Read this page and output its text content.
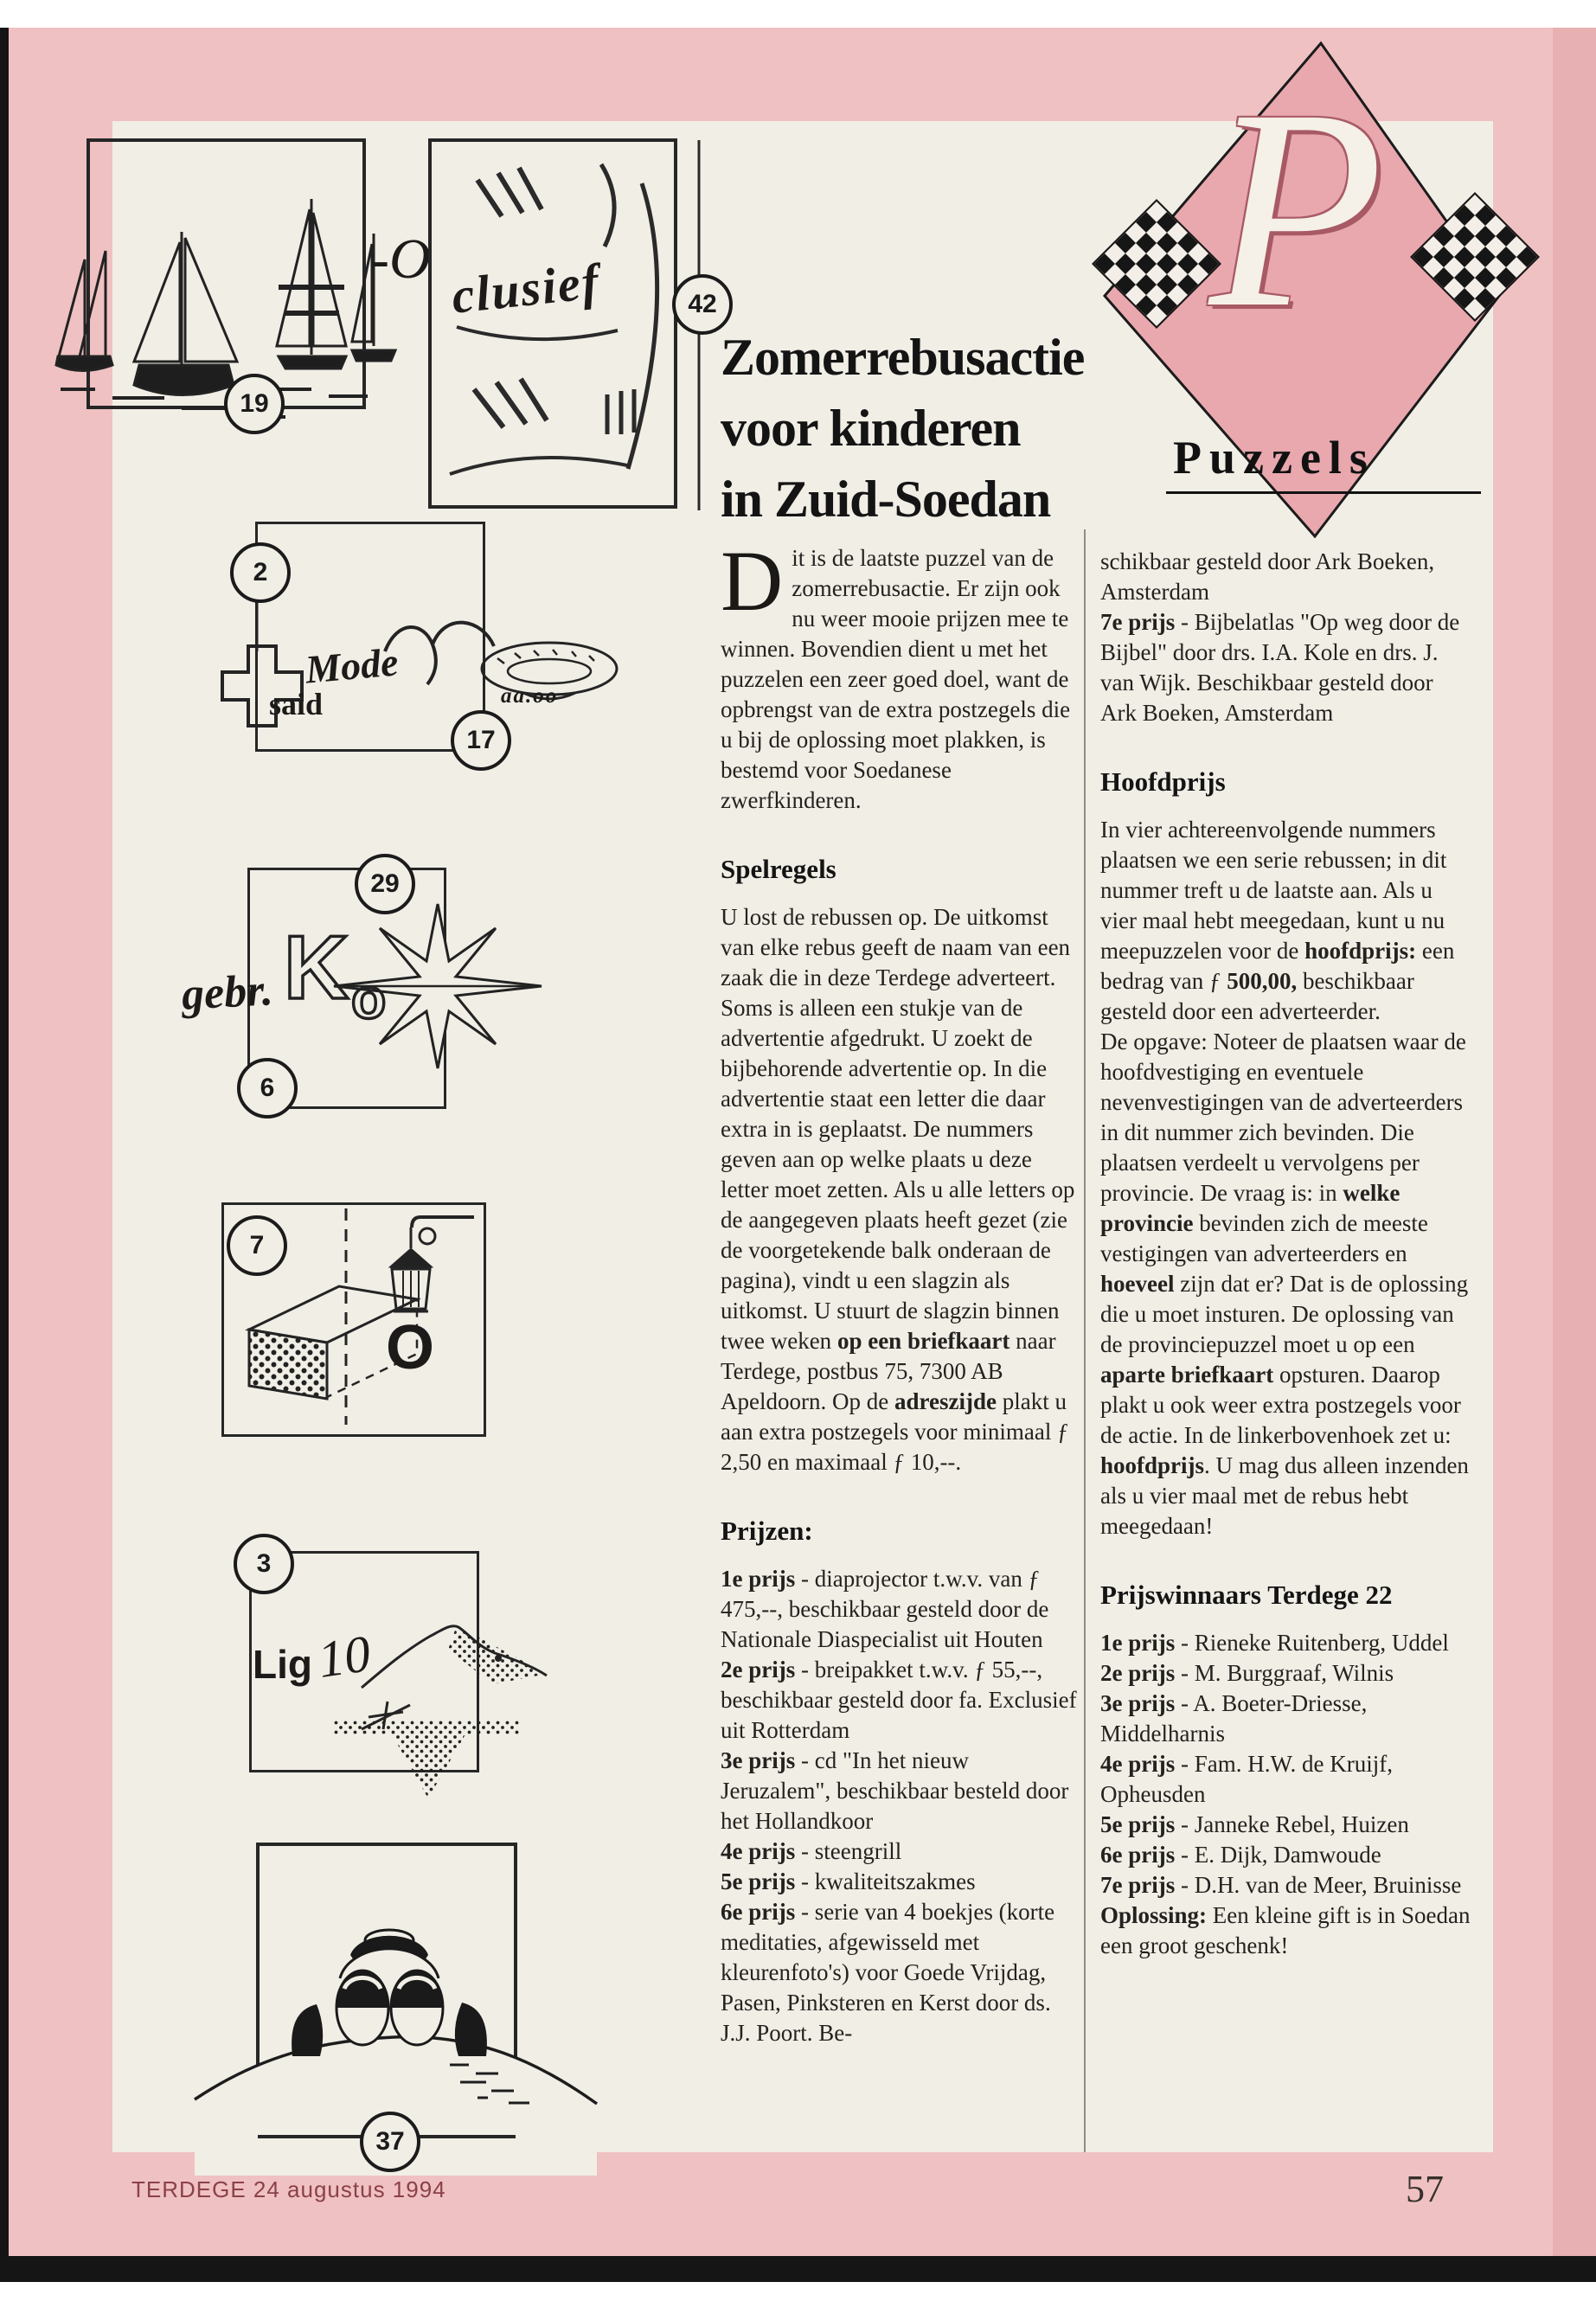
P
Puzzels
Zomerrebusactie
voor kinderen
in Zuid-Soedan
-O
19
clusief	42
2
said
Mode
aa.oo
17
29
gebr. K o
6
7
O
3
Lig 10
37

Dit is de laatste puzzel van de zomerrebusactie. Er zijn ook nu weer mooie prijzen mee te winnen. Bovendien dient u met het puzzelen een zeer goed doel, want de opbrengst van de extra postzegels die u bij de oplossing moet plakken, is bestemd voor Soedanese zwerfkinderen.

Spelregels

U lost de rebussen op. De uitkomst van elke rebus geeft de naam van een zaak die in deze Terdege adverteert. Soms is alleen een stukje van de advertentie afgedrukt. U zoekt de bijbehorende advertentie op. In die advertentie staat een letter die daar extra in is geplaatst. De nummers geven aan op welke plaats u deze letter moet zetten. Als u alle letters op de aangegeven plaats heeft gezet (zie de voorgetekende balk onderaan de pagina), vindt u een slagzin als uitkomst. U stuurt de slagzin binnen twee weken op een briefkaart naar Terdege, postbus 75, 7300 AB Apeldoorn. Op de adreszijde plakt u aan extra postzegels voor minimaal ƒ 2,50 en maximaal ƒ 10,--.

Prijzen:

1e prijs - diaprojector t.w.v. van ƒ 475,--, beschikbaar gesteld door de Nationale Diaspecialist uit Houten

2e prijs - breipakket t.w.v. ƒ 55,--, beschikbaar gesteld door fa. Exclusief uit Rotterdam

3e prijs - cd "In het nieuw Jeruzalem", beschikbaar besteld door het Hollandkoor

4e prijs - steengrill

5e prijs - kwaliteitszakmes

6e prijs - serie van 4 boekjes (korte meditaties, afgewisseld met kleurenfoto's) voor Goede Vrijdag, Pasen, Pinksteren en Kerst door ds. J.J. Poort. Be-

schikbaar gesteld door Ark Boeken, Amsterdam

7e prijs - Bijbelatlas "Op weg door de Bijbel" door drs. I.A. Kole en drs. J. van Wijk. Beschikbaar gesteld door Ark Boeken, Amsterdam

Hoofdprijs

In vier achtereenvolgende nummers plaatsen we een serie rebussen; in dit nummer treft u de laatste aan. Als u vier maal hebt meegedaan, kunt u nu meepuzzelen voor de hoofdprijs: een bedrag van ƒ 500,00, beschikbaar gesteld door een adverteerder.

De opgave: Noteer de plaatsen waar de hoofdvestiging en eventuele nevenvestigingen van de adverteerders in dit nummer zich bevinden. Die plaatsen verdeelt u vervolgens per provincie. De vraag is: in welke provincie bevinden zich de meeste vestigingen van adverteerders en hoeveel zijn dat er? Dat is de oplossing die u moet insturen. De oplossing van de provinciepuzzel moet u op een aparte briefkaart opsturen. Daarop plakt u ook weer extra postzegels voor de actie. In de linkerbovenhoek zet u: hoofdprijs. U mag dus alleen inzenden als u vier maal met de rebus hebt meegedaan!

Prijswinnaars Terdege 22

1e prijs - Rieneke Ruitenberg, Uddel

2e prijs - M. Burggraaf, Wilnis

3e prijs - A. Boeter-Driesse, Middelharnis

4e prijs - Fam. H.W. de Kruijf, Opheusden

5e prijs - Janneke Rebel, Huizen

6e prijs - E. Dijk, Damwoude

7e prijs - D.H. van de Meer, Bruinisse

Oplossing: Een kleine gift is in Soedan een groot geschenk!

TERDEGE 24 augustus 1994	57
